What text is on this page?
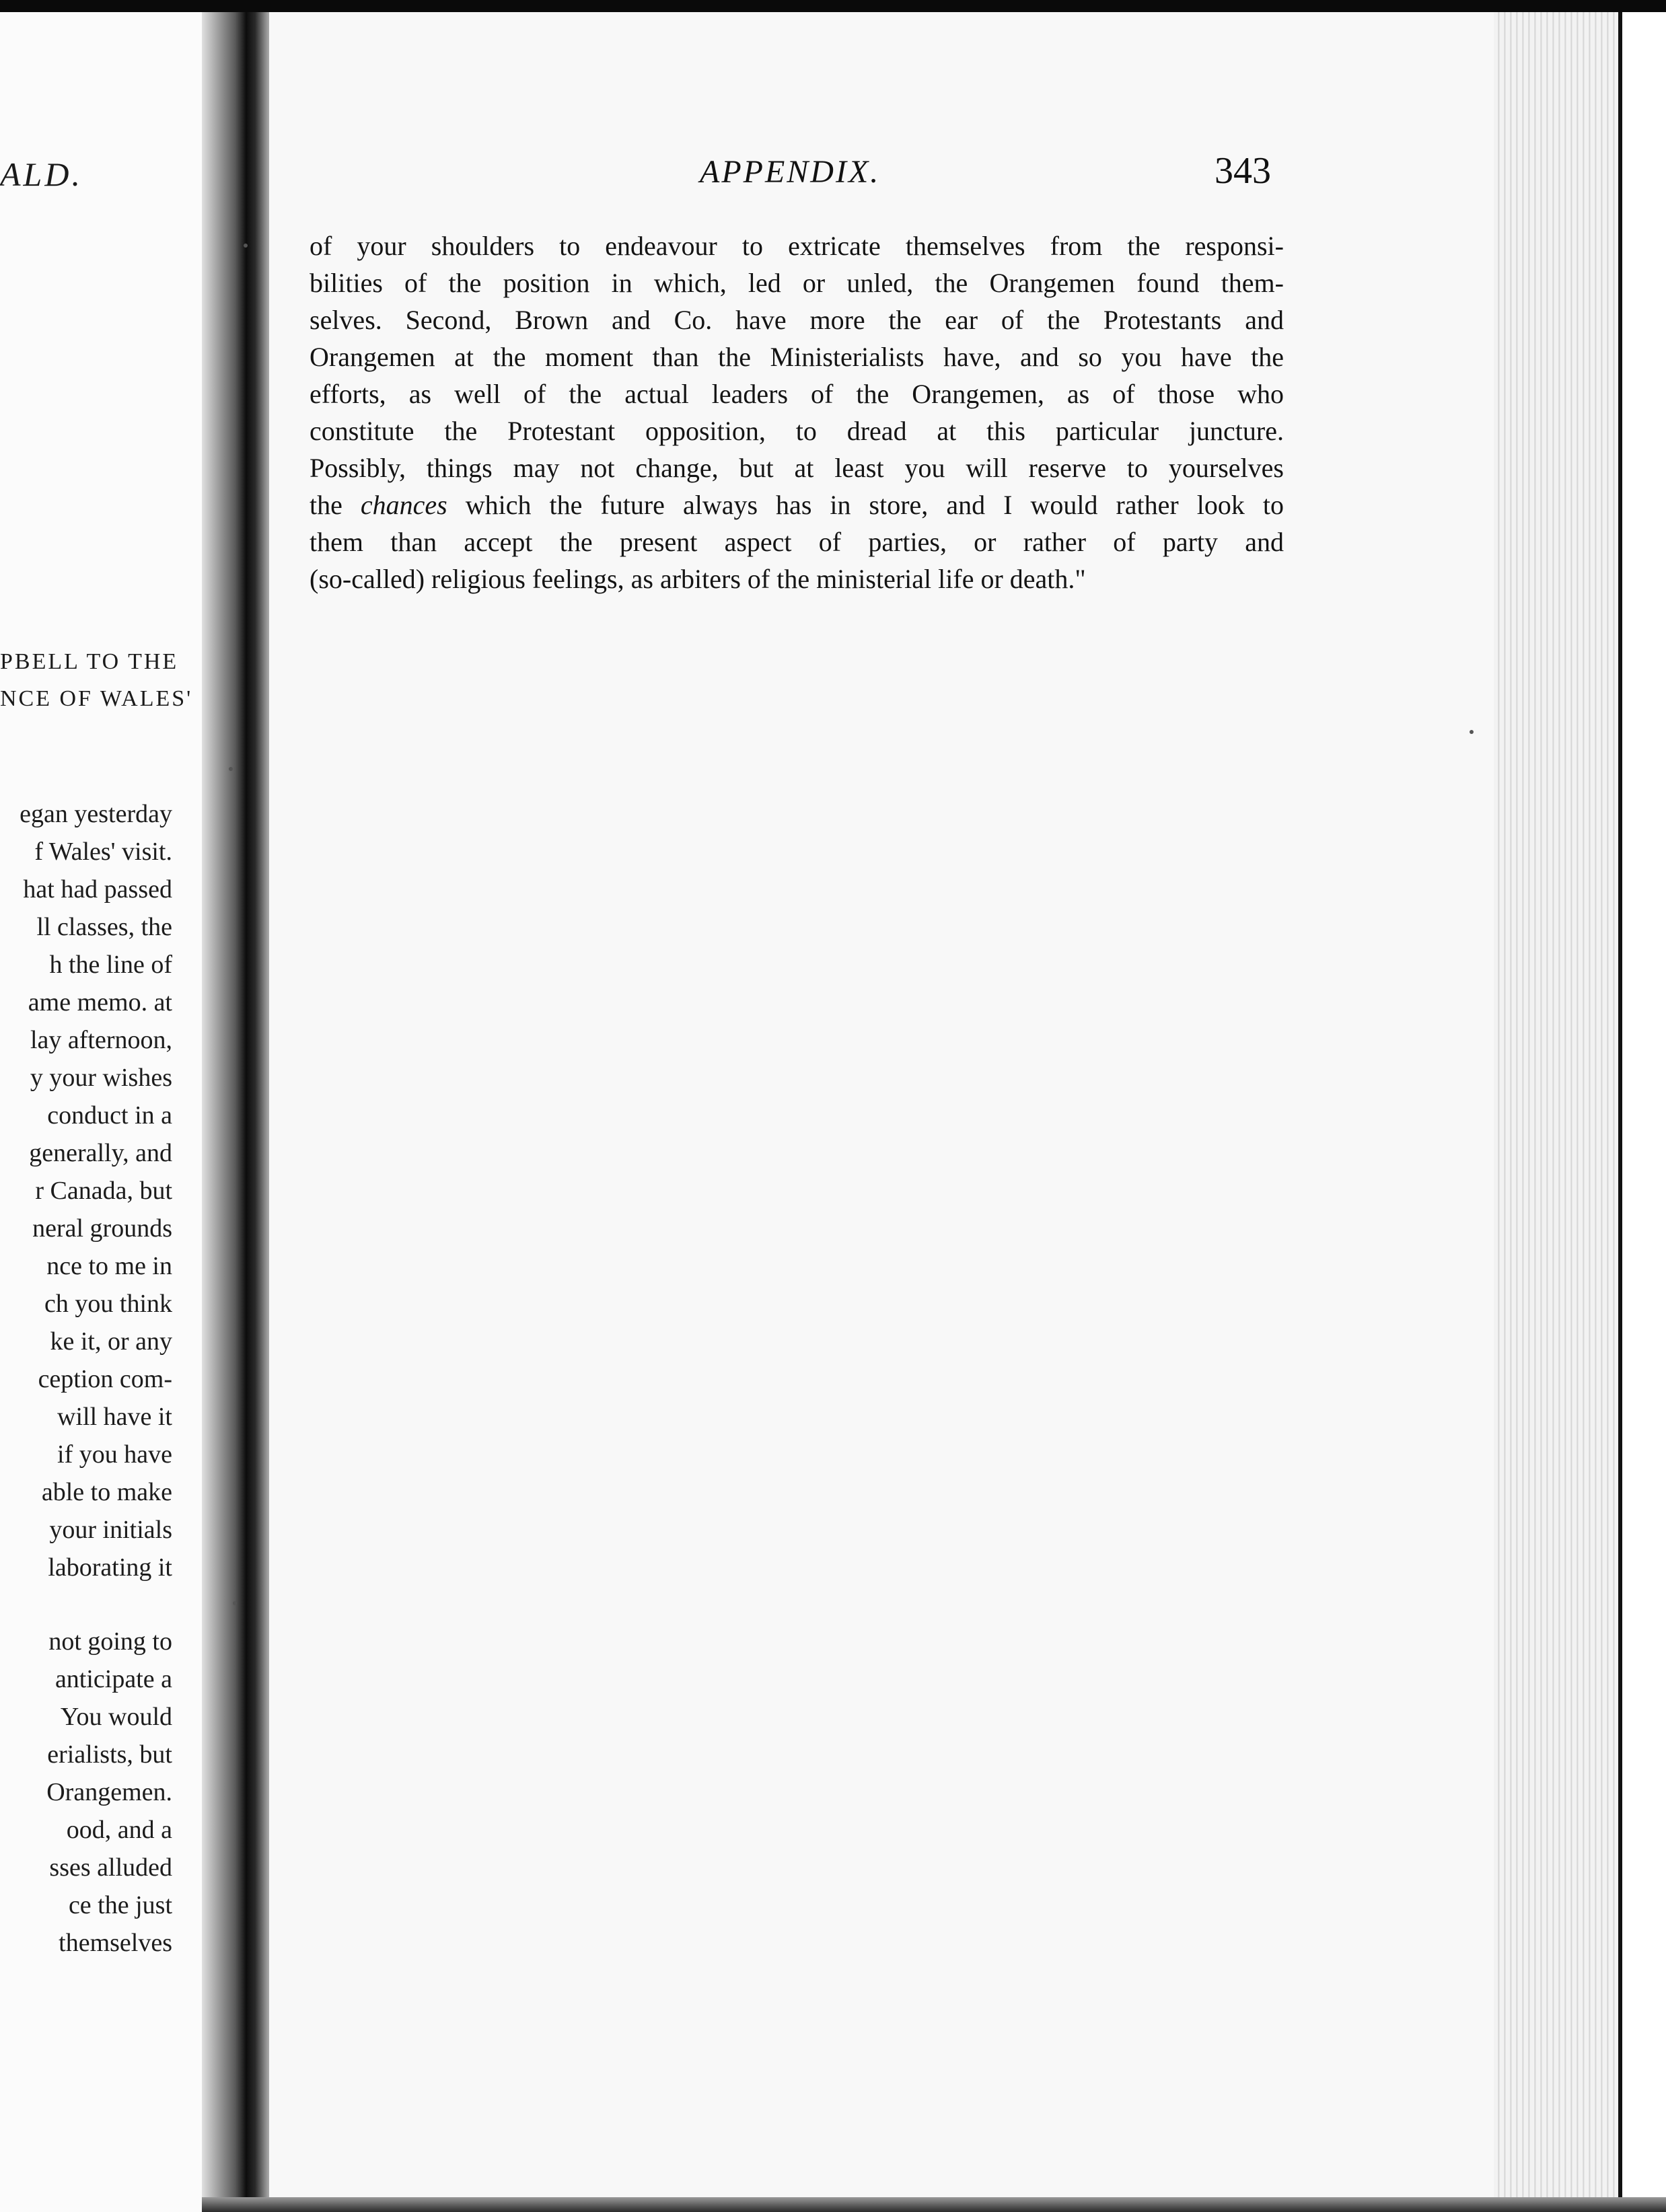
ALD.
PBELL TO THE
NCE OF WALES'
egan yesterday
f Wales' visit.
hat had passed
ll classes, the
h the line of
ame memo. at
lay afternoon,
y your wishes
conduct in a
generally, and
r Canada, but
neral grounds
nce to me in
ch you think
ke it, or any
ception com-
will have it
if you have
able to make
your initials
laborating it
not going to
anticipate a
You would
erialists, but
Orangemen.
ood, and a
sses alluded
ce the just
themselves
APPENDIX.	343
of your shoulders to endeavour to extricate themselves from the responsi-
bilities of the position in which, led or unled, the Orangemen found them-
selves. Second, Brown and Co. have more the ear of the Protestants and
Orangemen at the moment than the Ministerialists have, and so you have the
efforts, as well of the actual leaders of the Orangemen, as of those who
constitute the Protestant opposition, to dread at this particular juncture.
Possibly, things may not change, but at least you will reserve to yourselves
the chances which the future always has in store, and I would rather look to
them than accept the present aspect of parties, or rather of party and
(so-called) religious feelings, as arbiters of the ministerial life or death."
